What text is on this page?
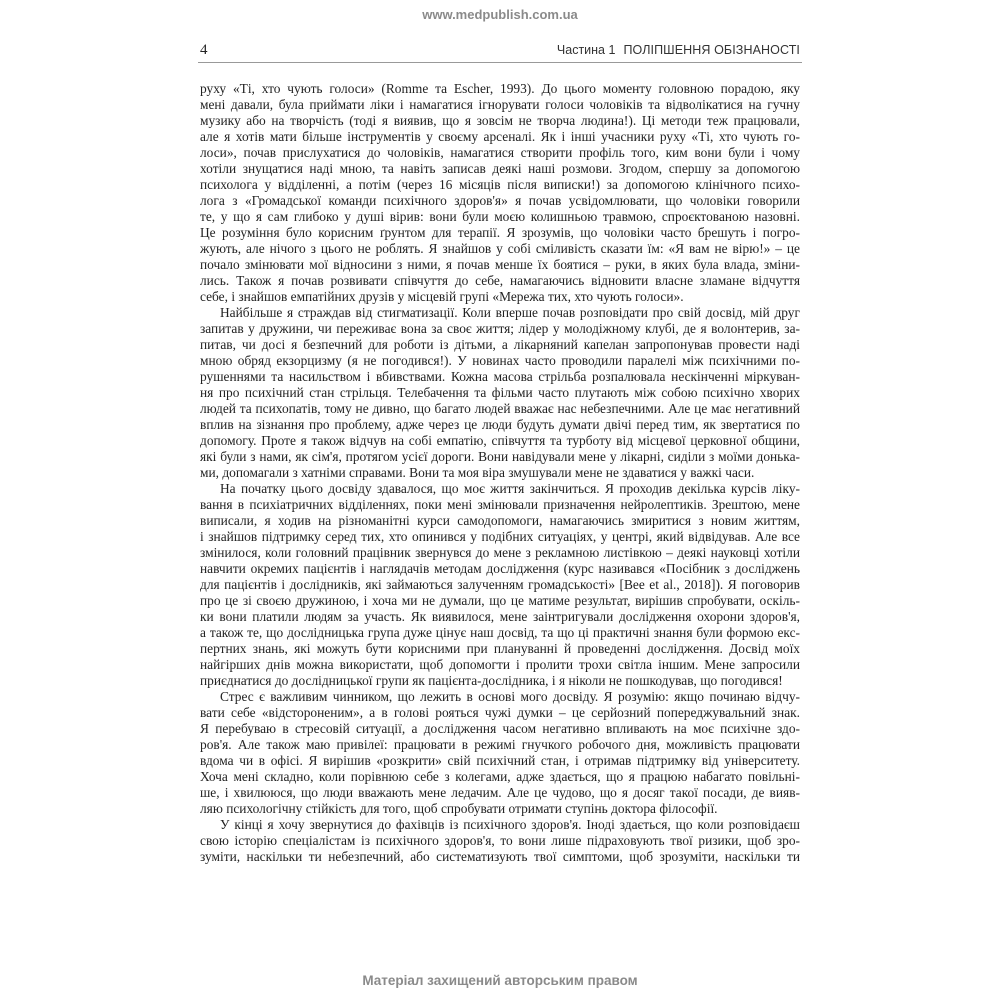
www.medpublish.com.ua
4	Частина 1 ПОЛІПШЕННЯ ОБІЗНАНОСТІ
руху «Ті, хто чують голоси» (Romme та Escher, 1993). До цього моменту головною порадою, яку
мені давали, була приймати ліки і намагатися ігнорувати голоси чоловіків та відволікатися на гучну
музику або на творчість (тоді я виявив, що я зовсім не творча людина!). Ці методи теж працювали,
але я хотів мати більше інструментів у своєму арсеналі. Як і інші учасники руху «Ті, хто чують го-
лоси», почав прислухатися до чоловіків, намагатися створити профіль того, ким вони були і чому
хотіли знущатися наді мною, та навіть записав деякі наші розмови. Згодом, спершу за допомогою
психолога у відділенні, а потім (через 16 місяців після виписки!) за допомогою клінічного психо-
лога з «Громадської команди психічного здоров'я» я почав усвідомлювати, що чоловіки говорили
те, у що я сам глибоко у душі вірив: вони були моєю колишньою травмою, спроєктованою назовні.
Це розуміння було корисним ґрунтом для терапії. Я зрозумів, що чоловіки часто брешуть і погро-
жують, але нічого з цього не роблять. Я знайшов у собі сміливість сказати їм: «Я вам не вірю!» – це
почало змінювати мої відносини з ними, я почав менше їх боятися – руки, в яких була влада, зміни-
лись. Також я почав розвивати співчуття до себе, намагаючись відновити власне зламане відчуття
себе, і знайшов емпатійних друзів у місцевій групі «Мережа тих, хто чують голоси».
Найбільше я страждав від стигматизації. Коли вперше почав розповідати про свій досвід, мій друг
запитав у дружини, чи переживає вона за своє життя; лідер у молодіжному клубі, де я волонтерив, за-
питав, чи досі я безпечний для роботи із дітьми, а лікарняний капелан запропонував провести наді
мною обряд екзорцизму (я не погодився!). У новинах часто проводили паралелі між психічними по-
рушеннями та насильством і вбивствами. Кожна масова стрільба розпалювала нескінченні міркуван-
ня про психічний стан стрільця. Телебачення та фільми часто плутають між собою психічно хворих
людей та психопатів, тому не дивно, що багато людей вважає нас небезпечними. Але це має негативний
вплив на зізнання про проблему, адже через це люди будуть думати двічі перед тим, як звертатися по
допомогу. Проте я також відчув на собі емпатію, співчуття та турботу від місцевої церковної общини,
які були з нами, як сім'я, протягом усієї дороги. Вони навідували мене у лікарні, сиділи з моїми донька-
ми, допомагали з хатніми справами. Вони та моя віра змушували мене не здаватися у важкі часи.
На початку цього досвіду здавалося, що моє життя закінчиться. Я проходив декілька курсів ліку-
вання в психіатричних відділеннях, поки мені змінювали призначення нейролептиків. Зрештою, мене
виписали, я ходив на різноманітні курси самодопомоги, намагаючись змиритися з новим життям,
і знайшов підтримку серед тих, хто опинився у подібних ситуаціях, у центрі, який відвідував. Але все
змінилося, коли головний працівник звернувся до мене з рекламною листівкою – деякі науковці хотіли
навчити окремих пацієнтів і наглядачів методам дослідження (курс називався «Посібник з досліджень
для пацієнтів і дослідників, які займаються залученням громадськості» [Bee et al., 2018]). Я поговорив
про це зі своєю дружиною, і хоча ми не думали, що це матиме результат, вирішив спробувати, оскіль-
ки вони платили людям за участь. Як виявилося, мене заінтригували дослідження охорони здоров'я,
а також те, що дослідницька група дуже цінує наш досвід, та що ці практичні знання були формою екс-
пертних знань, які можуть бути корисними при плануванні й проведенні дослідження. Досвід моїх
найгірших днів можна використати, щоб допомогти і пролити трохи світла іншим. Мене запросили
приєднатися до дослідницької групи як пацієнта-дослідника, і я ніколи не пошкодував, що погодився!
Стрес є важливим чинником, що лежить в основі мого досвіду. Я розумію: якщо починаю відчу-
вати себе «відстороненим», а в голові рояться чужі думки – це серйозний попереджувальний знак.
Я перебуваю в стресовій ситуації, а дослідження часом негативно впливають на моє психічне здо-
ров'я. Але також маю привілеї: працювати в режимі гнучкого робочого дня, можливість працювати
вдома чи в офісі. Я вирішив «розкрити» свій психічний стан, і отримав підтримку від університету.
Хоча мені складно, коли порівнюю себе з колегами, адже здається, що я працюю набагато повільні-
ше, і хвилююся, що люди вважають мене ледачим. Але це чудово, що я досяг такої посади, де вияв-
ляю психологічну стійкість для того, щоб спробувати отримати ступінь доктора філософії.
У кінці я хочу звернутися до фахівців із психічного здоров'я. Іноді здається, що коли розповідаєш
свою історію спеціалістам із психічного здоров'я, то вони лише підраховують твої ризики, щоб зро-
зуміти, наскільки ти небезпечний, або систематизують твої симптоми, щоб зрозуміти, наскільки ти
Матеріал захищений авторським правом
